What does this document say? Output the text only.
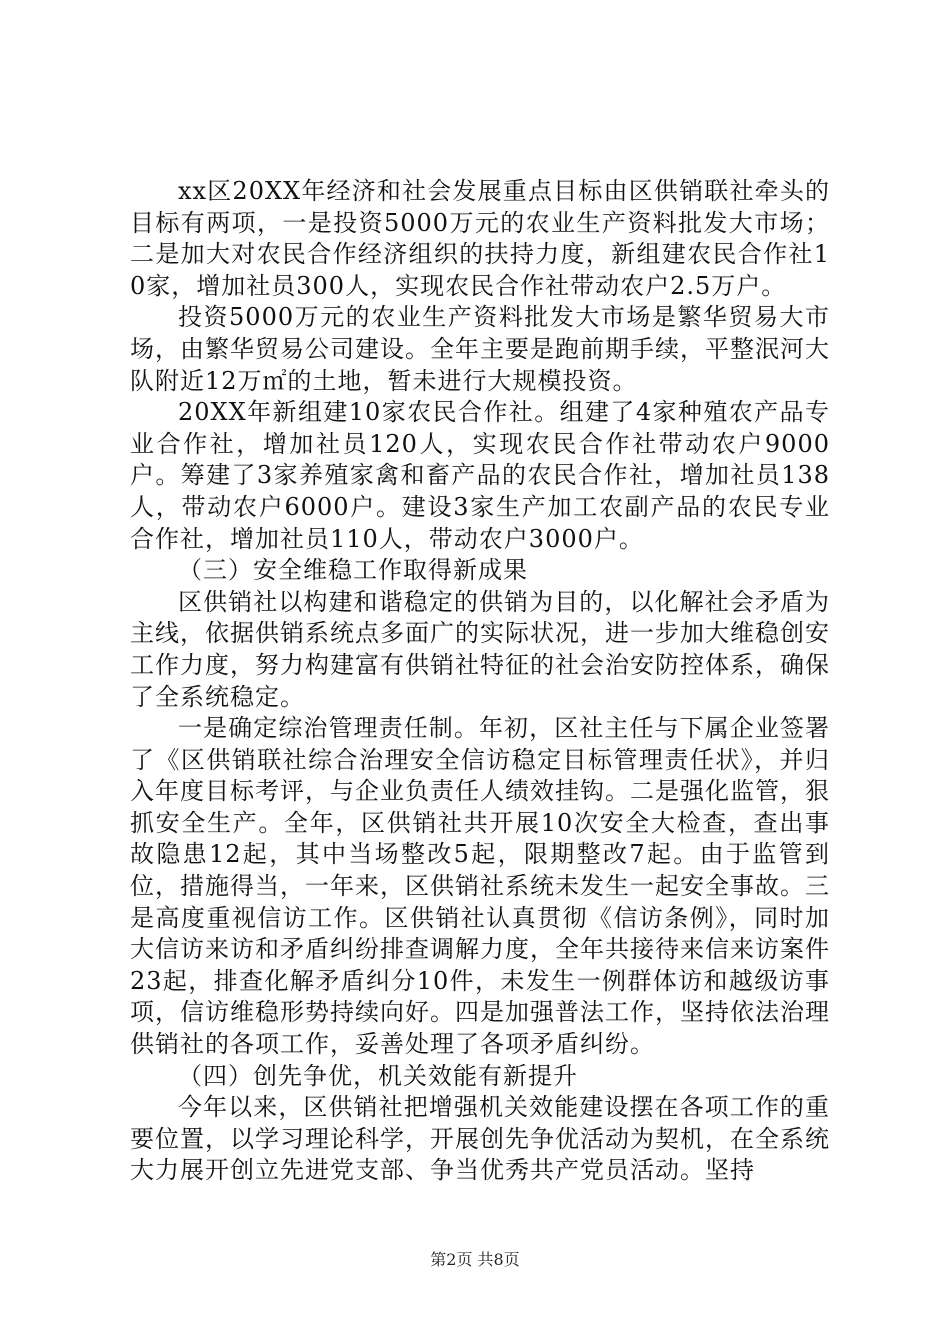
xx区20XX年经济和社会发展重点目标由区供销联社牵头的目标有两项，一是投资5000万元的农业生产资料批发大市场；二是加大对农民合作经济组织的扶持力度，新组建农民合作社10家，增加社员300人，实现农民合作社带动农户2.5万户。

投资5000万元的农业生产资料批发大市场是繁华贸易大市场，由繁华贸易公司建设。全年主要是跑前期手续，平整泯河大队附近12万㎡的土地，暂未进行大规模投资。

20XX年新组建10家农民合作社。组建了4家种殖农产品专业合作社，增加社员120人，实现农民合作社带动农户9000户。筹建了3家养殖家禽和畜产品的农民合作社，增加社员138人，带动农户6000户。建设3家生产加工农副产品的农民专业合作社，增加社员110人，带动农户3000户。

（三）安全维稳工作取得新成果

区供销社以构建和谐稳定的供销为目的，以化解社会矛盾为主线，依据供销系统点多面广的实际状况，进一步加大维稳创安工作力度，努力构建富有供销社特征的社会治安防控体系，确保了全系统稳定。

一是确定综治管理责任制。年初，区社主任与下属企业签署了《区供销联社综合治理安全信访稳定目标管理责任状》，并归入年度目标考评，与企业负责任人绩效挂钩。二是强化监管，狠抓安全生产。全年，区供销社共开展10次安全大检查，查出事故隐患12起，其中当场整改5起，限期整改7起。由于监管到位，措施得当，一年来，区供销社系统未发生一起安全事故。三是高度重视信访工作。区供销社认真贯彻《信访条例》，同时加大信访来访和矛盾纠纷排查调解力度，全年共接待来信来访案件23起，排查化解矛盾纠分10件，未发生一例群体访和越级访事项，信访维稳形势持续向好。四是加强普法工作，坚持依法治理供销社的各项工作，妥善处理了各项矛盾纠纷。

（四）创先争优，机关效能有新提升

今年以来，区供销社把增强机关效能建设摆在各项工作的重要位置，以学习理论科学，开展创先争优活动为契机，在全系统大力展开创立先进党支部、争当优秀共产党员活动。坚持

第2页 共8页
